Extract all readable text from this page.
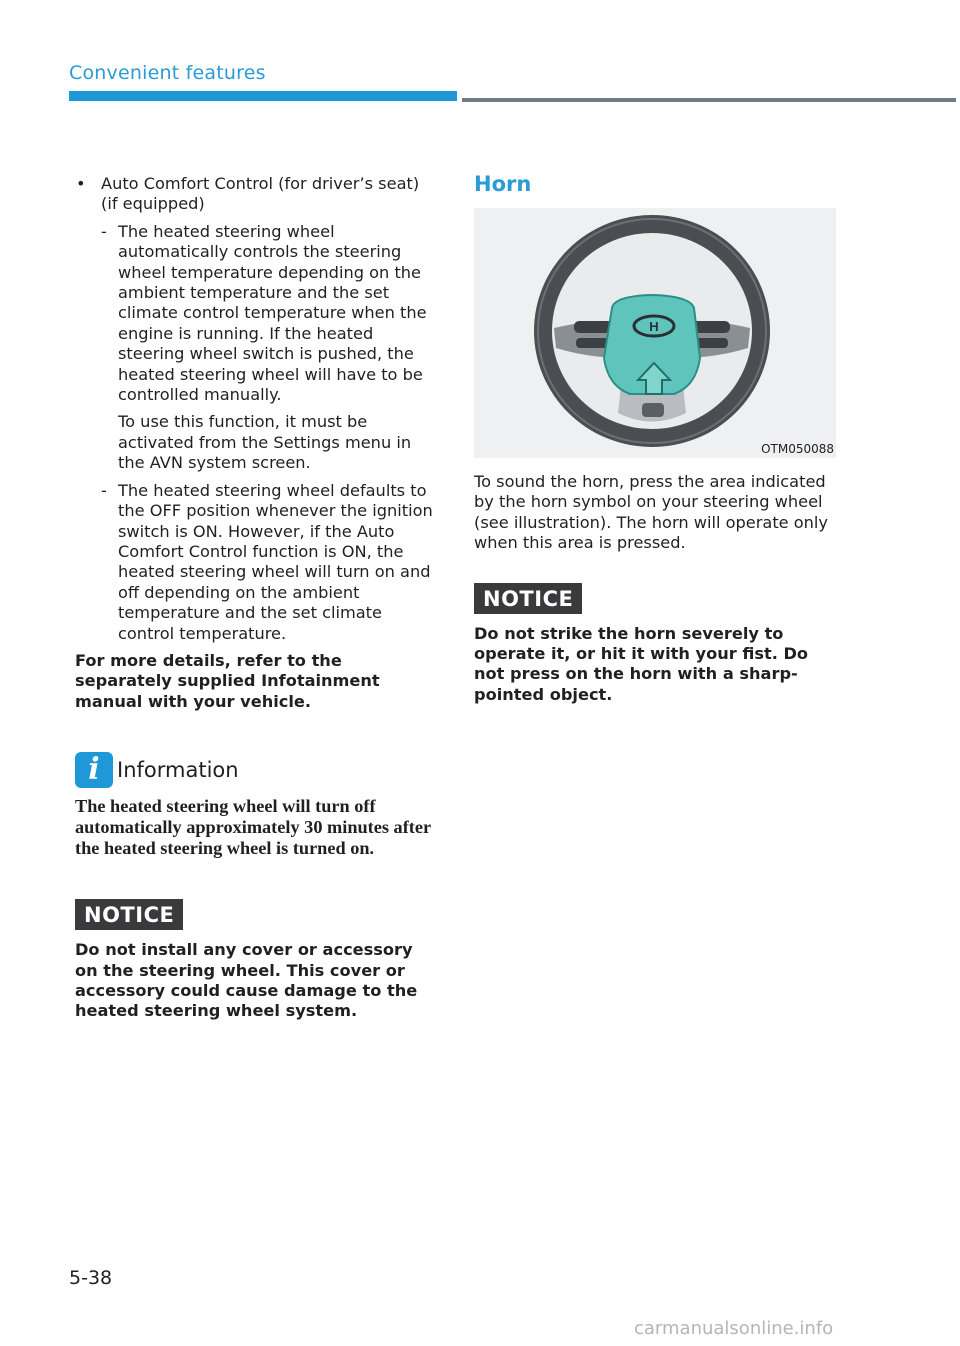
Convenient features
• Auto Comfort Control (for driver’s seat) (if equipped)
- The heated steering wheel automatically controls the steering wheel temperature depending on the ambient temperature and the set climate control temperature when the engine is running. If the heated steering wheel switch is pushed, the heated steering wheel will have to be controlled manually.

To use this function, it must be activated from the Settings menu in the AVN system screen.

- The heated steering wheel defaults to the OFF position whenever the ignition switch is ON. However, if the Auto Comfort Control function is ON, the heated steering wheel will turn on and off depending on the ambient temperature and the set climate control temperature.

For more details, refer to the separately supplied Infotainment manual with your vehicle.

i Information
The heated steering wheel will turn off automatically approximately 30 minutes after the heated steering wheel is turned on.
NOTICE
Do not install any cover or accessory on the steering wheel. This cover or accessory could cause damage to the heated steering wheel system.
Horn
H
OTM050088

To sound the horn, press the area indicated by the horn symbol on your steering wheel (see illustration). The horn will operate only when this area is pressed.

NOTICE
Do not strike the horn severely to operate it, or hit it with your fist. Do not press on the horn with a sharp-pointed object.
5-38
carmanualsonline.info
